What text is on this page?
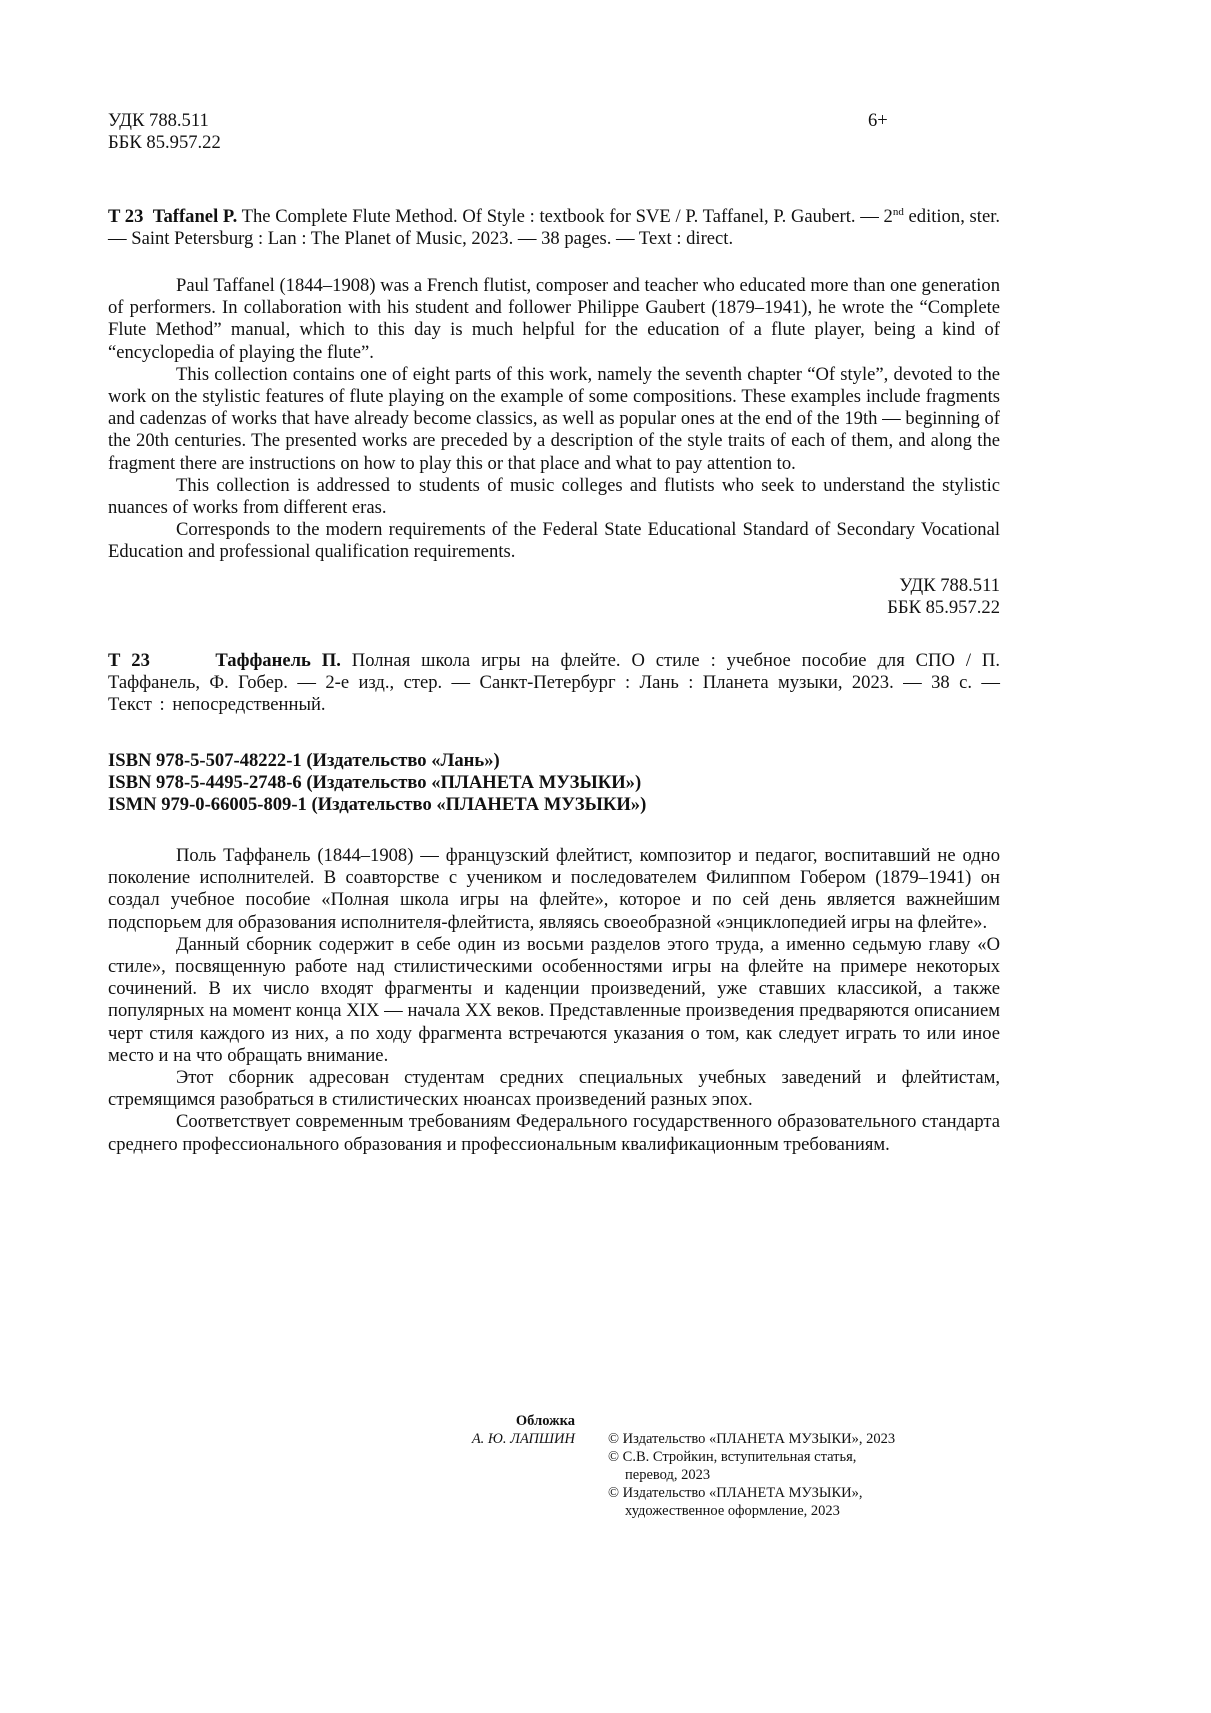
УДК 788.511
ББК 85.957.22
6+
T 23 Taffanel P. The Complete Flute Method. Of Style : textbook for SVE / P. Taffanel, P. Gaubert. — 2nd edition, ster. — Saint Petersburg : Lan : The Planet of Music, 2023. — 38 pages. — Text : direct.

Paul Taffanel (1844–1908) was a French flutist, composer and teacher who educated more than one generation of performers. In collaboration with his student and follower Philippe Gaubert (1879–1941), he wrote the “Complete Flute Method” manual, which to this day is much helpful for the education of a flute player, being a kind of “encyclopedia of playing the flute”.

This collection contains one of eight parts of this work, namely the seventh chapter “Of style”, devoted to the work on the stylistic features of flute playing on the example of some compositions. These examples include fragments and cadenzas of works that have already become classics, as well as popular ones at the end of the 19th — beginning of the 20th centuries. The presented works are preceded by a description of the style traits of each of them, and along the fragment there are instructions on how to play this or that place and what to pay attention to.

This collection is addressed to students of music colleges and flutists who seek to understand the stylistic nuances of works from different eras.

Corresponds to the modern requirements of the Federal State Educational Standard of Secondary Vocational Education and professional qualification requirements.

УДК 788.511
ББК 85.957.22
Т 23	Таффанель П. Полная школа игры на флейте. О стиле : учебное пособие для СПО / П. Таффанель, Ф. Гобер. — 2-е изд., стер. — Санкт-Петербург : Лань : Планета музыки, 2023. — 38 с. — Текст : непосредственный.
ISBN 978-5-507-48222-1 (Издательство «Лань»)
ISBN 978-5-4495-2748-6 (Издательство «ПЛАНЕТА МУЗЫКИ»)
ISMN 979-0-66005-809-1 (Издательство «ПЛАНЕТА МУЗЫКИ»)

Поль Таффанель (1844–1908) — французский флейтист, композитор и педагог, воспитавший не одно поколение исполнителей. В соавторстве с учеником и последователем Филиппом Гобером (1879–1941) он создал учебное пособие «Полная школа игры на флейте», которое и по сей день является важнейшим подспорьем для образования исполнителя-флейтиста, являясь своеобразной «энциклопедией игры на флейте».

Данный сборник содержит в себе один из восьми разделов этого труда, а именно седьмую главу «О стиле», посвященную работе над стилистическими особенностями игры на флейте на примере некоторых сочинений. В их число входят фрагменты и каденции произведений, уже ставших классикой, а также популярных на момент конца XIX — начала XX веков. Представленные произведения предваряются описанием черт стиля каждого из них, а по ходу фрагмента встречаются указания о том, как следует играть то или иное место и на что обращать внимание.

Этот сборник адресован студентам средних специальных учебных заведений и флейтистам, стремящимся разобраться в стилистических нюансах произведений разных эпох.

Соответствует современным требованиям Федерального государственного образовательного стандарта среднего профессионального образования и профессиональным квалификационным требованиям.

Обложка
А. Ю. ЛАПШИН © Издательство «ПЛАНЕТА МУЗЫКИ», 2023
© С.В. Стройкин, вступительная статья,
перевод, 2023
© Издательство «ПЛАНЕТА МУЗЫКИ»,
художественное оформление, 2023
